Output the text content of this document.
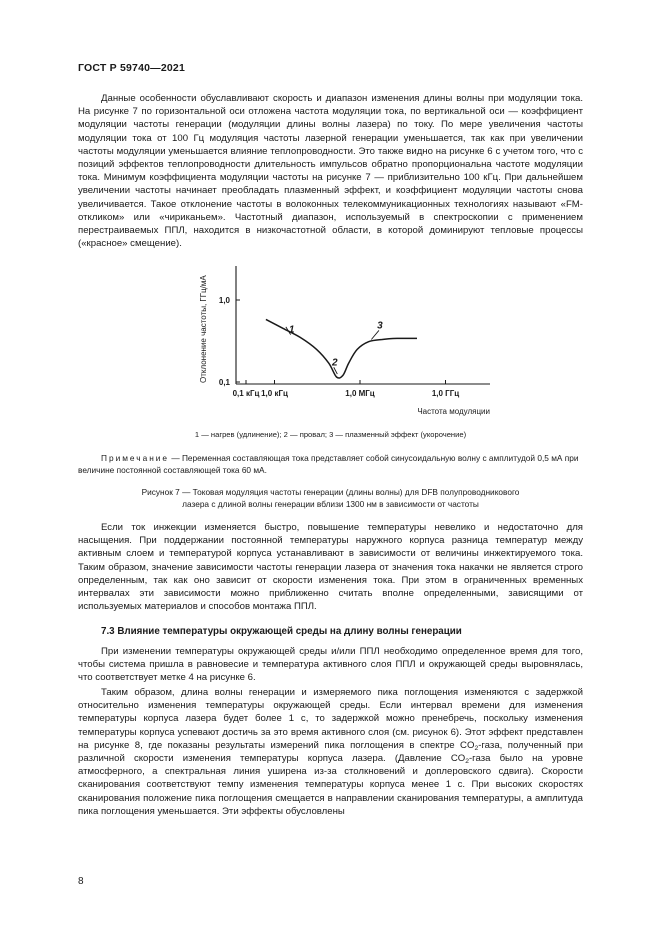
ГОСТ Р 59740—2021

Данные особенности обуславливают скорость и диапазон изменения длины волны при модуляции тока. На рисунке 7 по горизонтальной оси отложена частота модуляции тока, по вертикальной оси — коэффициент модуляции частоты генерации (модуляции длины волны лазера) по току. По мере увеличения частоты модуляции тока от 100 Гц модуляция частоты лазерной генерации уменьшается, так как при увеличении частоты модуляции уменьшается влияние теплопроводности. Это также видно на рисунке 6 с учетом того, что с позиций эффектов теплопроводности длительность импульсов обратно пропорциональна частоте модуляции тока. Минимум коэффициента модуляции частоты на рисунке 7 — приблизительно 100 кГц. При дальнейшем увеличении частоты начинает преобладать плазменный эффект, и коэффициент модуляции частоты снова увеличивается. Такое отклонение частоты в волоконных телекоммуникационных технологиях называют «FM-откликом» или «чириканьем». Частотный диапазон, используемый в спектроскопии с применением перестраиваемых ППЛ, находится в низкочастотной области, в которой доминируют тепловые процессы («красное» смещение).

0,1 кГц 1,0 кГц	1,0 МГц	1,0 ГГц
1,0
0,1
1
2
3
Частота модуляции
Отклонение частоты, ГГц/мА
1 — нагрев (удлинение); 2 — провал; 3 — плазменный эффект (укорочение)

Примечание — Переменная составляющая тока представляет собой синусоидальную волну с амплитудой 0,5 мА при величине постоянной составляющей тока 60 мА.

Рисунок 7 — Токовая модуляция частоты генерации (длины волны) для DFB полупроводникового
лазера с длиной волны генерации вблизи 1300 нм в зависимости от частоты

Если ток инжекции изменяется быстро, повышение температуры невелико и недостаточно для насыщения. При поддержании постоянной температуры наружного корпуса разница температур между активным слоем и температурой корпуса устанавливают в зависимости от величины инжектируемого тока. Таким образом, значение зависимости частоты генерации лазера от значения тока накачки не является строго определенным, так как оно зависит от скорости изменения тока. При этом в ограниченных временных интервалах эти зависимости можно приближенно считать вполне определенными, зависящими от используемых материалов и способов монтажа ППЛ.

7.3 Влияние температуры окружающей среды на длину волны генерации

При изменении температуры окружающей среды и/или ППЛ необходимо определенное время для того, чтобы система пришла в равновесие и температура активного слоя ППЛ и окружающей среды выровнялась, что соответствует метке 4 на рисунке 6.

Таким образом, длина волны генерации и измеряемого пика поглощения изменяются с задержкой относительно изменения температуры окружающей среды. Если интервал времени для изменения температуры корпуса лазера будет более 1 с, то задержкой можно пренебречь, поскольку изменения температуры корпуса успевают достичь за это время активного слоя (см. рисунок 6). Этот эффект представлен на рисунке 8, где показаны результаты измерений пика поглощения в спектре $CO_2$-газа, полученный при различной скорости изменения температуры корпуса лазера. (Давление $CO_2$-газа было на уровне атмосферного, а спектральная линия уширена из-за столкновений и доплеровского сдвига). Скорости сканирования соответствуют темпу изменения температуры корпуса менее 1 с. При высоких скоростях сканирования положение пика поглощения смещается в направлении сканирования температуры, а амплитуда пика поглощения уменьшается. Эти эффекты обусловлены

8
